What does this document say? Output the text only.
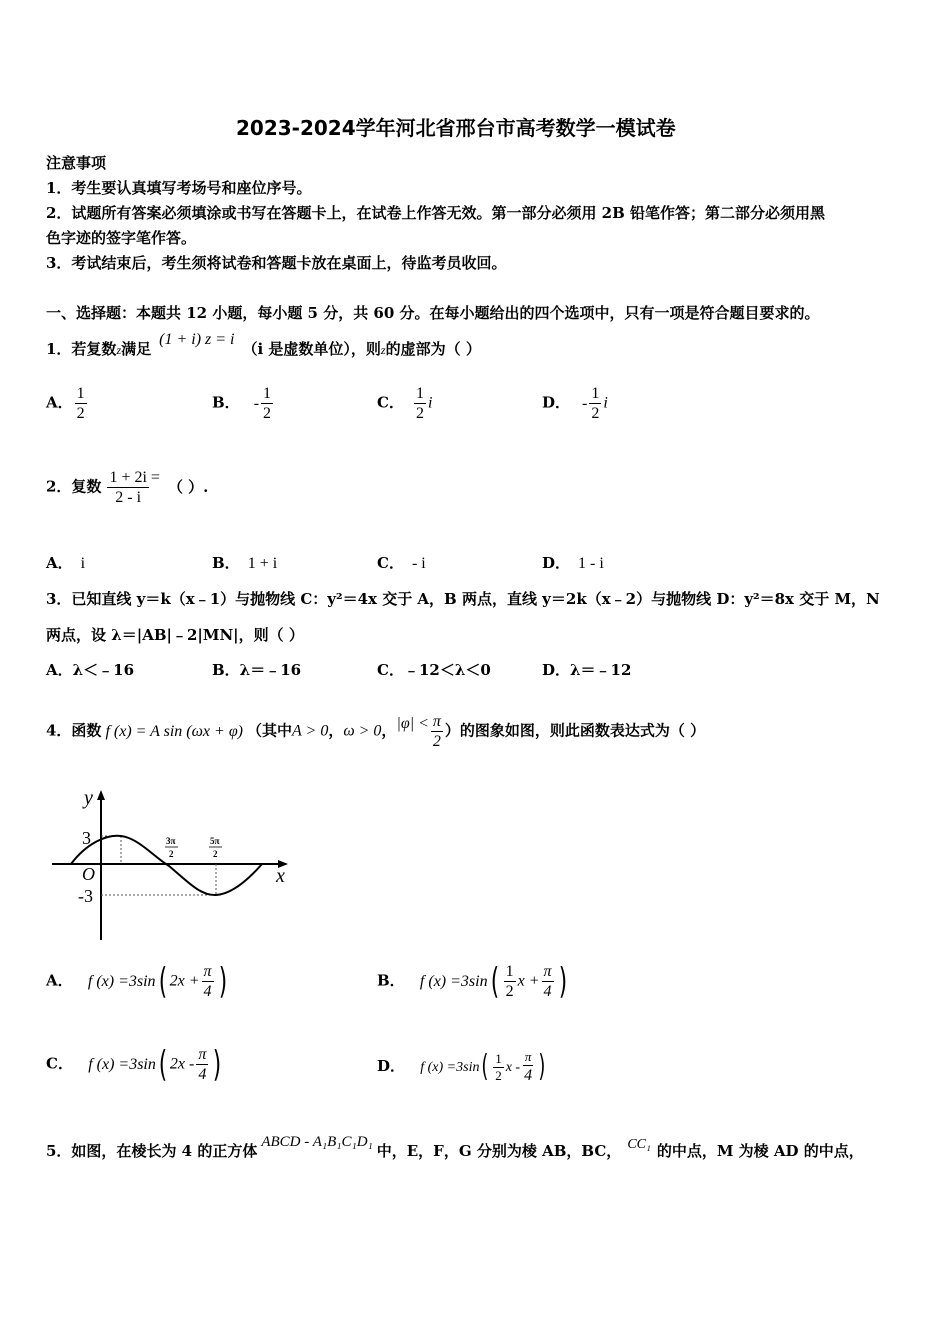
2023-2024学年河北省邢台市高考数学一模试卷
注意事项
1．考生要认真填写考场号和座位序号。
2．试题所有答案必须填涂或书写在答题卡上，在试卷上作答无效。第一部分必须用 2B 铅笔作答；第二部分必须用黑
色字迹的签字笔作答。
3．考试结束后，考生须将试卷和答题卡放在桌面上，待监考员收回。
一、选择题：本题共 12 小题，每小题 5 分，共 60 分。在每小题给出的四个选项中，只有一项是符合题目要求的。
1．若复数z满足(1 + i) z = i（i 是虚数单位），则z的虚部为（ ）
A． $\frac{1}{2}$	B． - $\frac{1}{2}$	C． $\frac{1}{2}$ i	D． - $\frac{1}{2}$ i
2．复数 $\frac{1 + 2i}{2 - i}$ =（ ）.
A． i	B． 1 + i	C． - i	D． 1 - i
3．已知直线 y＝k（x﹣1）与抛物线 C：y²＝4x 交于 A，B 两点，直线 y＝2k（x﹣2）与抛物线 D：y²＝8x 交于 M，N
两点，设 λ＝|AB|﹣2|MN|，则（ ）
A．λ＜﹣16	B．λ＝﹣16	C．﹣12＜λ＜0	D．λ＝﹣12
4．函数 f (x) = A sin (ωx + φ) （其中A > 0，ω > 0，$|\varphi| < \frac{\pi}{2}$ ）的图象如图，则此函数表达式为（ ）
y
x
O
3
-3
3π
2
5π
2
A． f (x) =3sin( $2x + \frac{\pi}{4}$ )	B． f $(x) =3\sin( \frac{1}{2}$ $x + \frac{\pi}{4}$ )
C． f (x) =3sin( $2x - \frac{\pi}{4}$ )	D． f $(x) =3\sin( \frac{1}{2}$ x - $\frac{\pi}{4}$ )
5．如图，在棱长为 4 的正方体 ABCD - A₁B₁C₁D₁ 中，E，F，G 分别为棱 AB，BC， CC₁ 的中点，M 为棱 AD 的中点，
